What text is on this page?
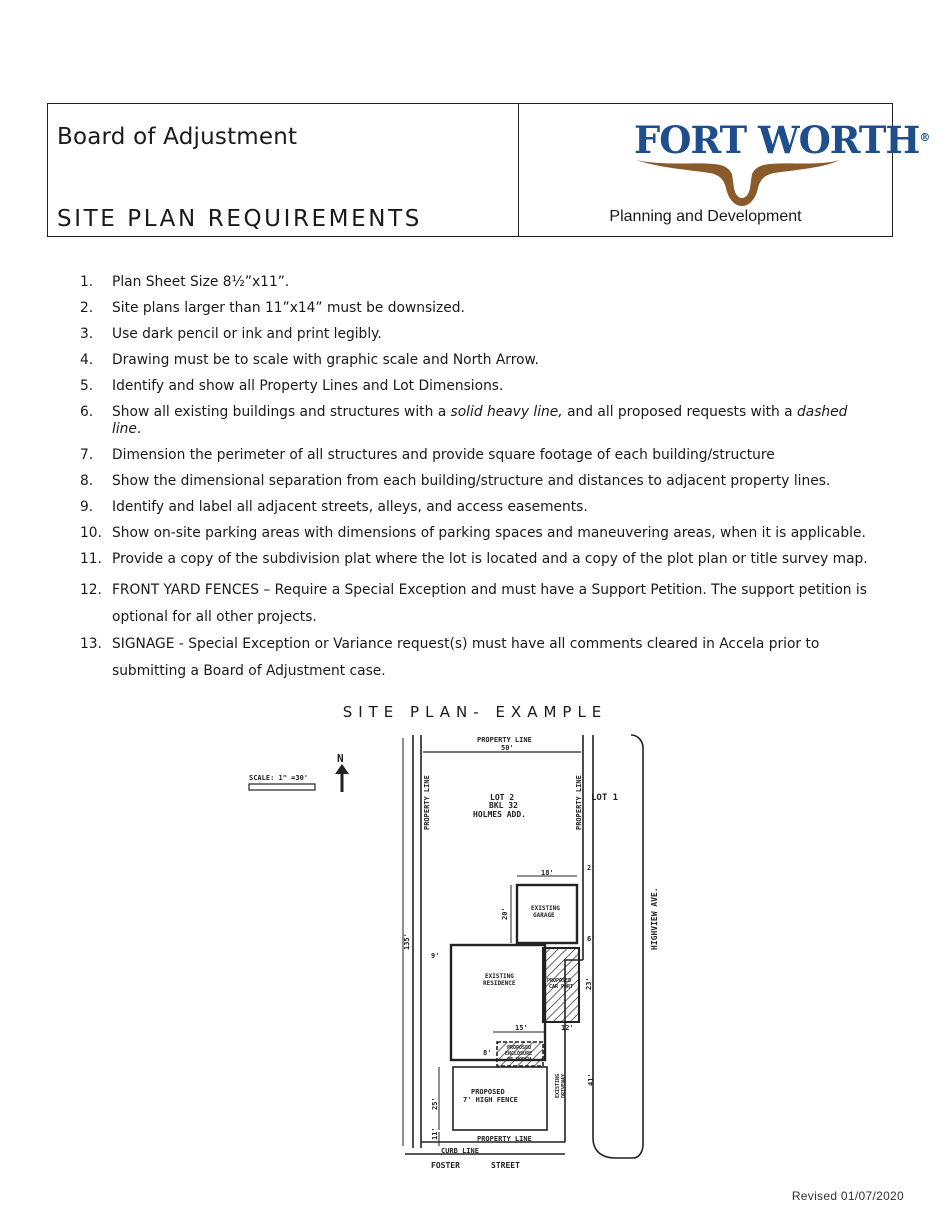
Board of Adjustment
SITE PLAN REQUIREMENTS
FORT WORTH®
Planning and Development
1.	Plan Sheet Size 8½”x11”.
2.	Site plans larger than 11”x14” must be downsized.
3.	Use dark pencil or ink and print legibly.
4.	Drawing must be to scale with graphic scale and North Arrow.
5.	Identify and show all Property Lines and Lot Dimensions.
6.	Show all existing buildings and structures with a solid heavy line, and all proposed requests with a dashed line.
7.	Dimension the perimeter of all structures and provide square footage of each building/structure
8.	Show the dimensional separation from each building/structure and distances to adjacent property lines.
9.	Identify and label all adjacent streets, alleys, and access easements.
10. Show on-site parking areas with dimensions of parking spaces and maneuvering areas, when it is applicable.
11. Provide a copy of the subdivision plat where the lot is located and a copy of the plot plan or title survey map.
12. FRONT YARD FENCES – Require a Special Exception and must have a Support Petition. The support petition is optional for all other projects.
13. SIGNAGE - Special Exception or Variance request(s) must have all comments cleared in Accela prior to submitting a Board of Adjustment case.
SITE PLAN- EXAMPLE
SCALE: 1" =30'
N
PROPERTY LINE
50'
PROPERTY LINE	PROPERTY LINE LOT 1
LOT 2
BKL 32
HOLMES ADD.
18'
2'
6'
20'	EXISTING
GARAGE
135'	HIGHVIEW AVE.
9'
EXISTING
RESIDENCE	PROPOSED
CAR PORT 23'
15'	12'
8'
PROPOSED
ENCLOSURE
OF PORCH
EXISTING DRIVEWAY	41'
PROPOSED
7' HIGH FENCE
25'
11'	PROPERTY LINE
CURB LINE
FOSTER	STREET
Revised 01/07/2020
